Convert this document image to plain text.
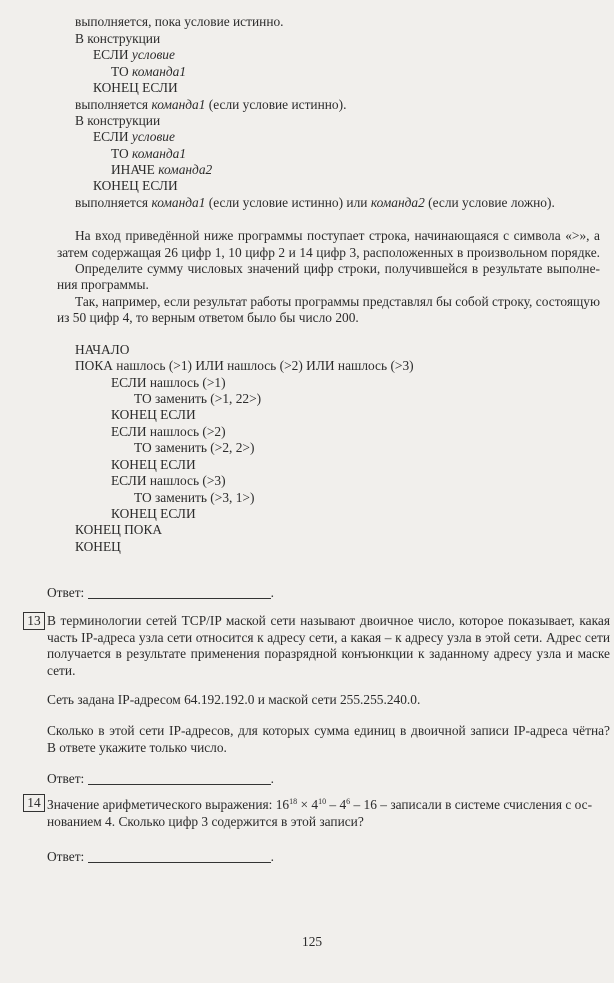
выполняется, пока условие истинно.
В конструкции
ЕСЛИ условие
ТО команда1
КОНЕЦ ЕСЛИ
выполняется команда1 (если условие истинно).
В конструкции
ЕСЛИ условие
ТО команда1
ИНАЧЕ команда2
КОНЕЦ ЕСЛИ
выполняется команда1 (если условие истинно) или команда2 (если условие ложно).
На вход приведённой ниже программы поступает строка, начинающаяся с символа «>», а
затем содержащая 26 цифр 1, 10 цифр 2 и 14 цифр 3, расположенных в произвольном порядке.
Определите сумму числовых значений цифр строки, получившейся в результате выполне-
ния программы.
Так, например, если результат работы программы представлял бы собой строку, состоящую
из 50 цифр 4, то верным ответом было бы число 200.
НАЧАЛО
ПОКА нашлось (>1) ИЛИ нашлось (>2) ИЛИ нашлось (>3)
ЕСЛИ нашлось (>1)
ТО заменить (>1, 22>)
КОНЕЦ ЕСЛИ
ЕСЛИ нашлось (>2)
ТО заменить (>2, 2>)
КОНЕЦ ЕСЛИ
ЕСЛИ нашлось (>3)
ТО заменить (>3, 1>)
КОНЕЦ ЕСЛИ
КОНЕЦ ПОКА
КОНЕЦ
Ответ:	.
13 В терминологии сетей TCP/IP маской сети называют двоичное число, которое показывает, какая
часть IP-адреса узла сети относится к адресу сети, а какая – к адресу узла в этой сети. Адрес сети
получается в результате применения поразрядной конъюнкции к заданному адресу узла и маске
сети.
Сеть задана IP-адресом 64.192.192.0 и маской сети 255.255.240.0.
Сколько в этой сети IP-адресов, для которых сумма единиц в двоичной записи IP-адреса чётна?
В ответе укажите только число.
Ответ:	.
14 Значение арифметического выражения: $16^{18} \times 4^{10} - 4^6 - 16$ – записали в системе счисления с ос-
нованием 4. Сколько цифр 3 содержится в этой записи?
Ответ:	.
125
